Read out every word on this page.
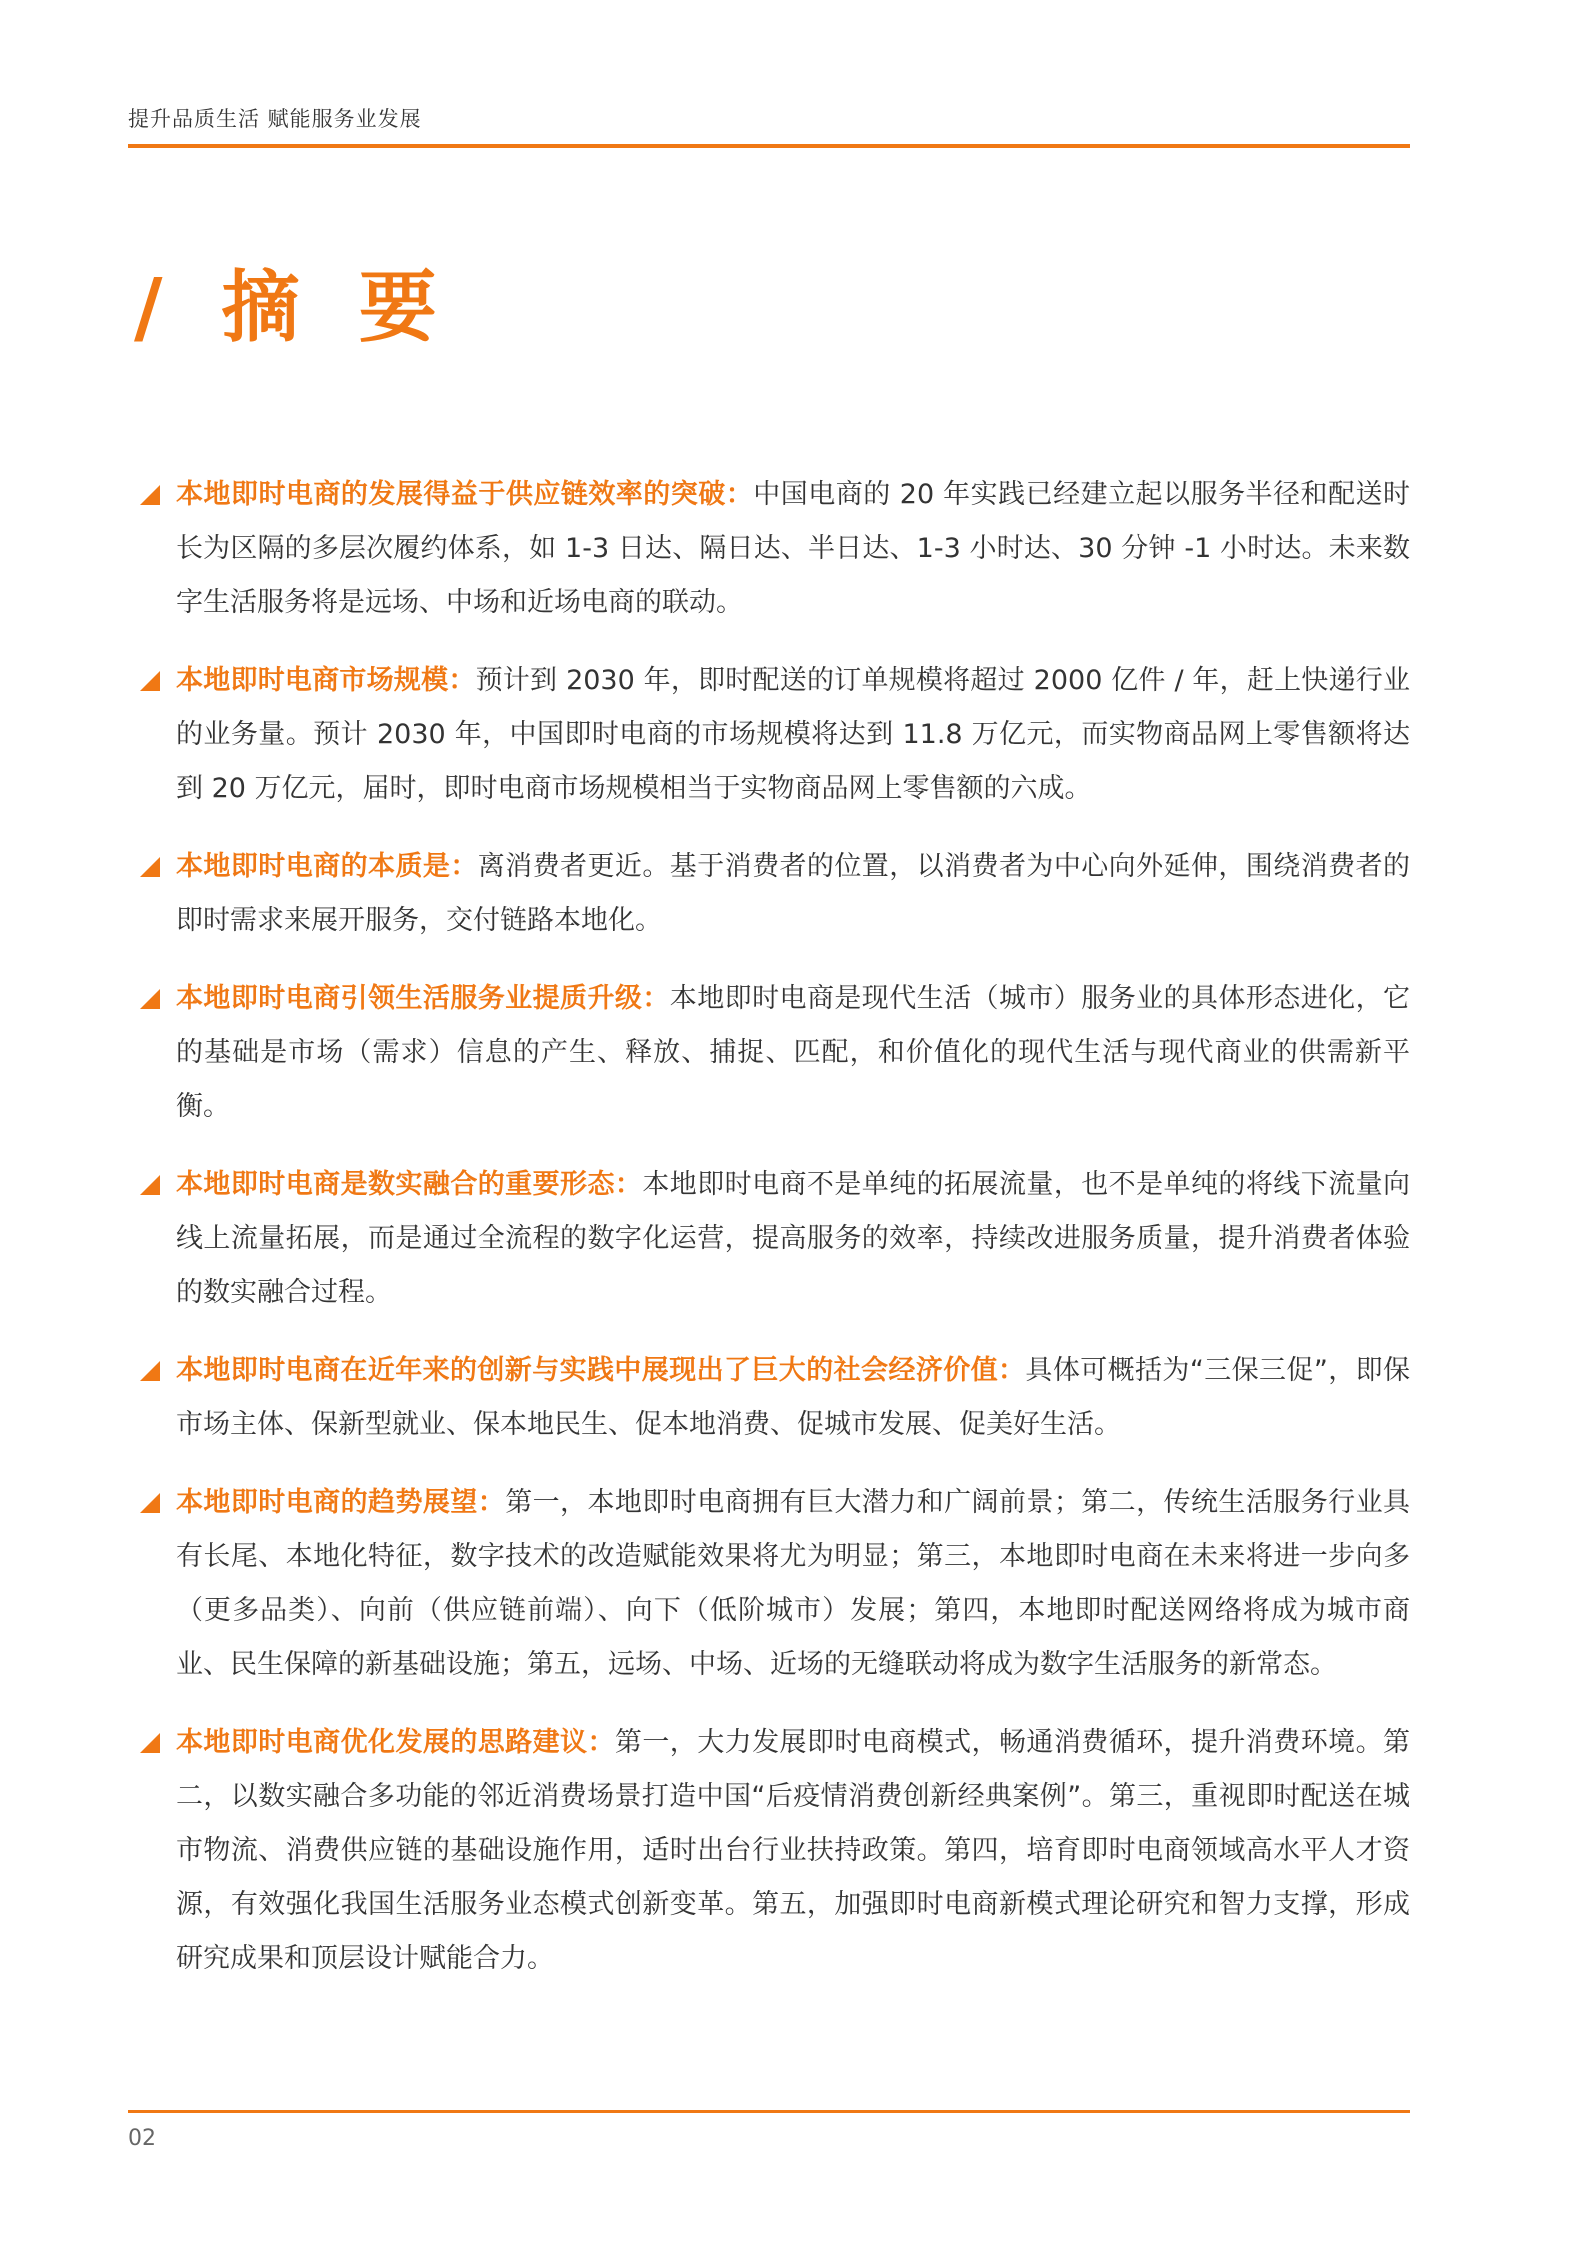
提升品质生活 赋能服务业发展
/ 摘 要
本地即时电商的发展得益于供应链效率的突破：中国电商的 20 年实践已经建立起以服务半径和配送时长为区隔的多层次履约体系，如 1-3 日达、隔日达、半日达、1-3 小时达、30 分钟 -1 小时达。未来数字生活服务将是远场、中场和近场电商的联动。
本地即时电商市场规模：预计到 2030 年，即时配送的订单规模将超过 2000 亿件 / 年，赶上快递行业的业务量。预计 2030 年，中国即时电商的市场规模将达到 11.8 万亿元，而实物商品网上零售额将达到 20 万亿元，届时，即时电商市场规模相当于实物商品网上零售额的六成。
本地即时电商的本质是：离消费者更近。基于消费者的位置，以消费者为中心向外延伸，围绕消费者的即时需求来展开服务，交付链路本地化。
本地即时电商引领生活服务业提质升级：本地即时电商是现代生活（城市）服务业的具体形态进化，它的基础是市场（需求）信息的产生、释放、捕捉、匹配，和价值化的现代生活与现代商业的供需新平衡。
本地即时电商是数实融合的重要形态：本地即时电商不是单纯的拓展流量，也不是单纯的将线下流量向线上流量拓展，而是通过全流程的数字化运营，提高服务的效率，持续改进服务质量，提升消费者体验的数实融合过程。
本地即时电商在近年来的创新与实践中展现出了巨大的社会经济价值：具体可概括为“三保三促”，即保市场主体、保新型就业、保本地民生、促本地消费、促城市发展、促美好生活。
本地即时电商的趋势展望：第一，本地即时电商拥有巨大潜力和广阔前景；第二，传统生活服务行业具有长尾、本地化特征，数字技术的改造赋能效果将尤为明显；第三，本地即时电商在未来将进一步向多（更多品类）、向前（供应链前端）、向下（低阶城市）发展；第四，本地即时配送网络将成为城市商业、民生保障的新基础设施；第五，远场、中场、近场的无缝联动将成为数字生活服务的新常态。
本地即时电商优化发展的思路建议：第一，大力发展即时电商模式，畅通消费循环，提升消费环境。第二，以数实融合多功能的邻近消费场景打造中国“后疫情消费创新经典案例”。第三，重视即时配送在城市物流、消费供应链的基础设施作用，适时出台行业扶持政策。第四，培育即时电商领域高水平人才资源，有效强化我国生活服务业态模式创新变革。第五，加强即时电商新模式理论研究和智力支撑，形成研究成果和顶层设计赋能合力。
02
